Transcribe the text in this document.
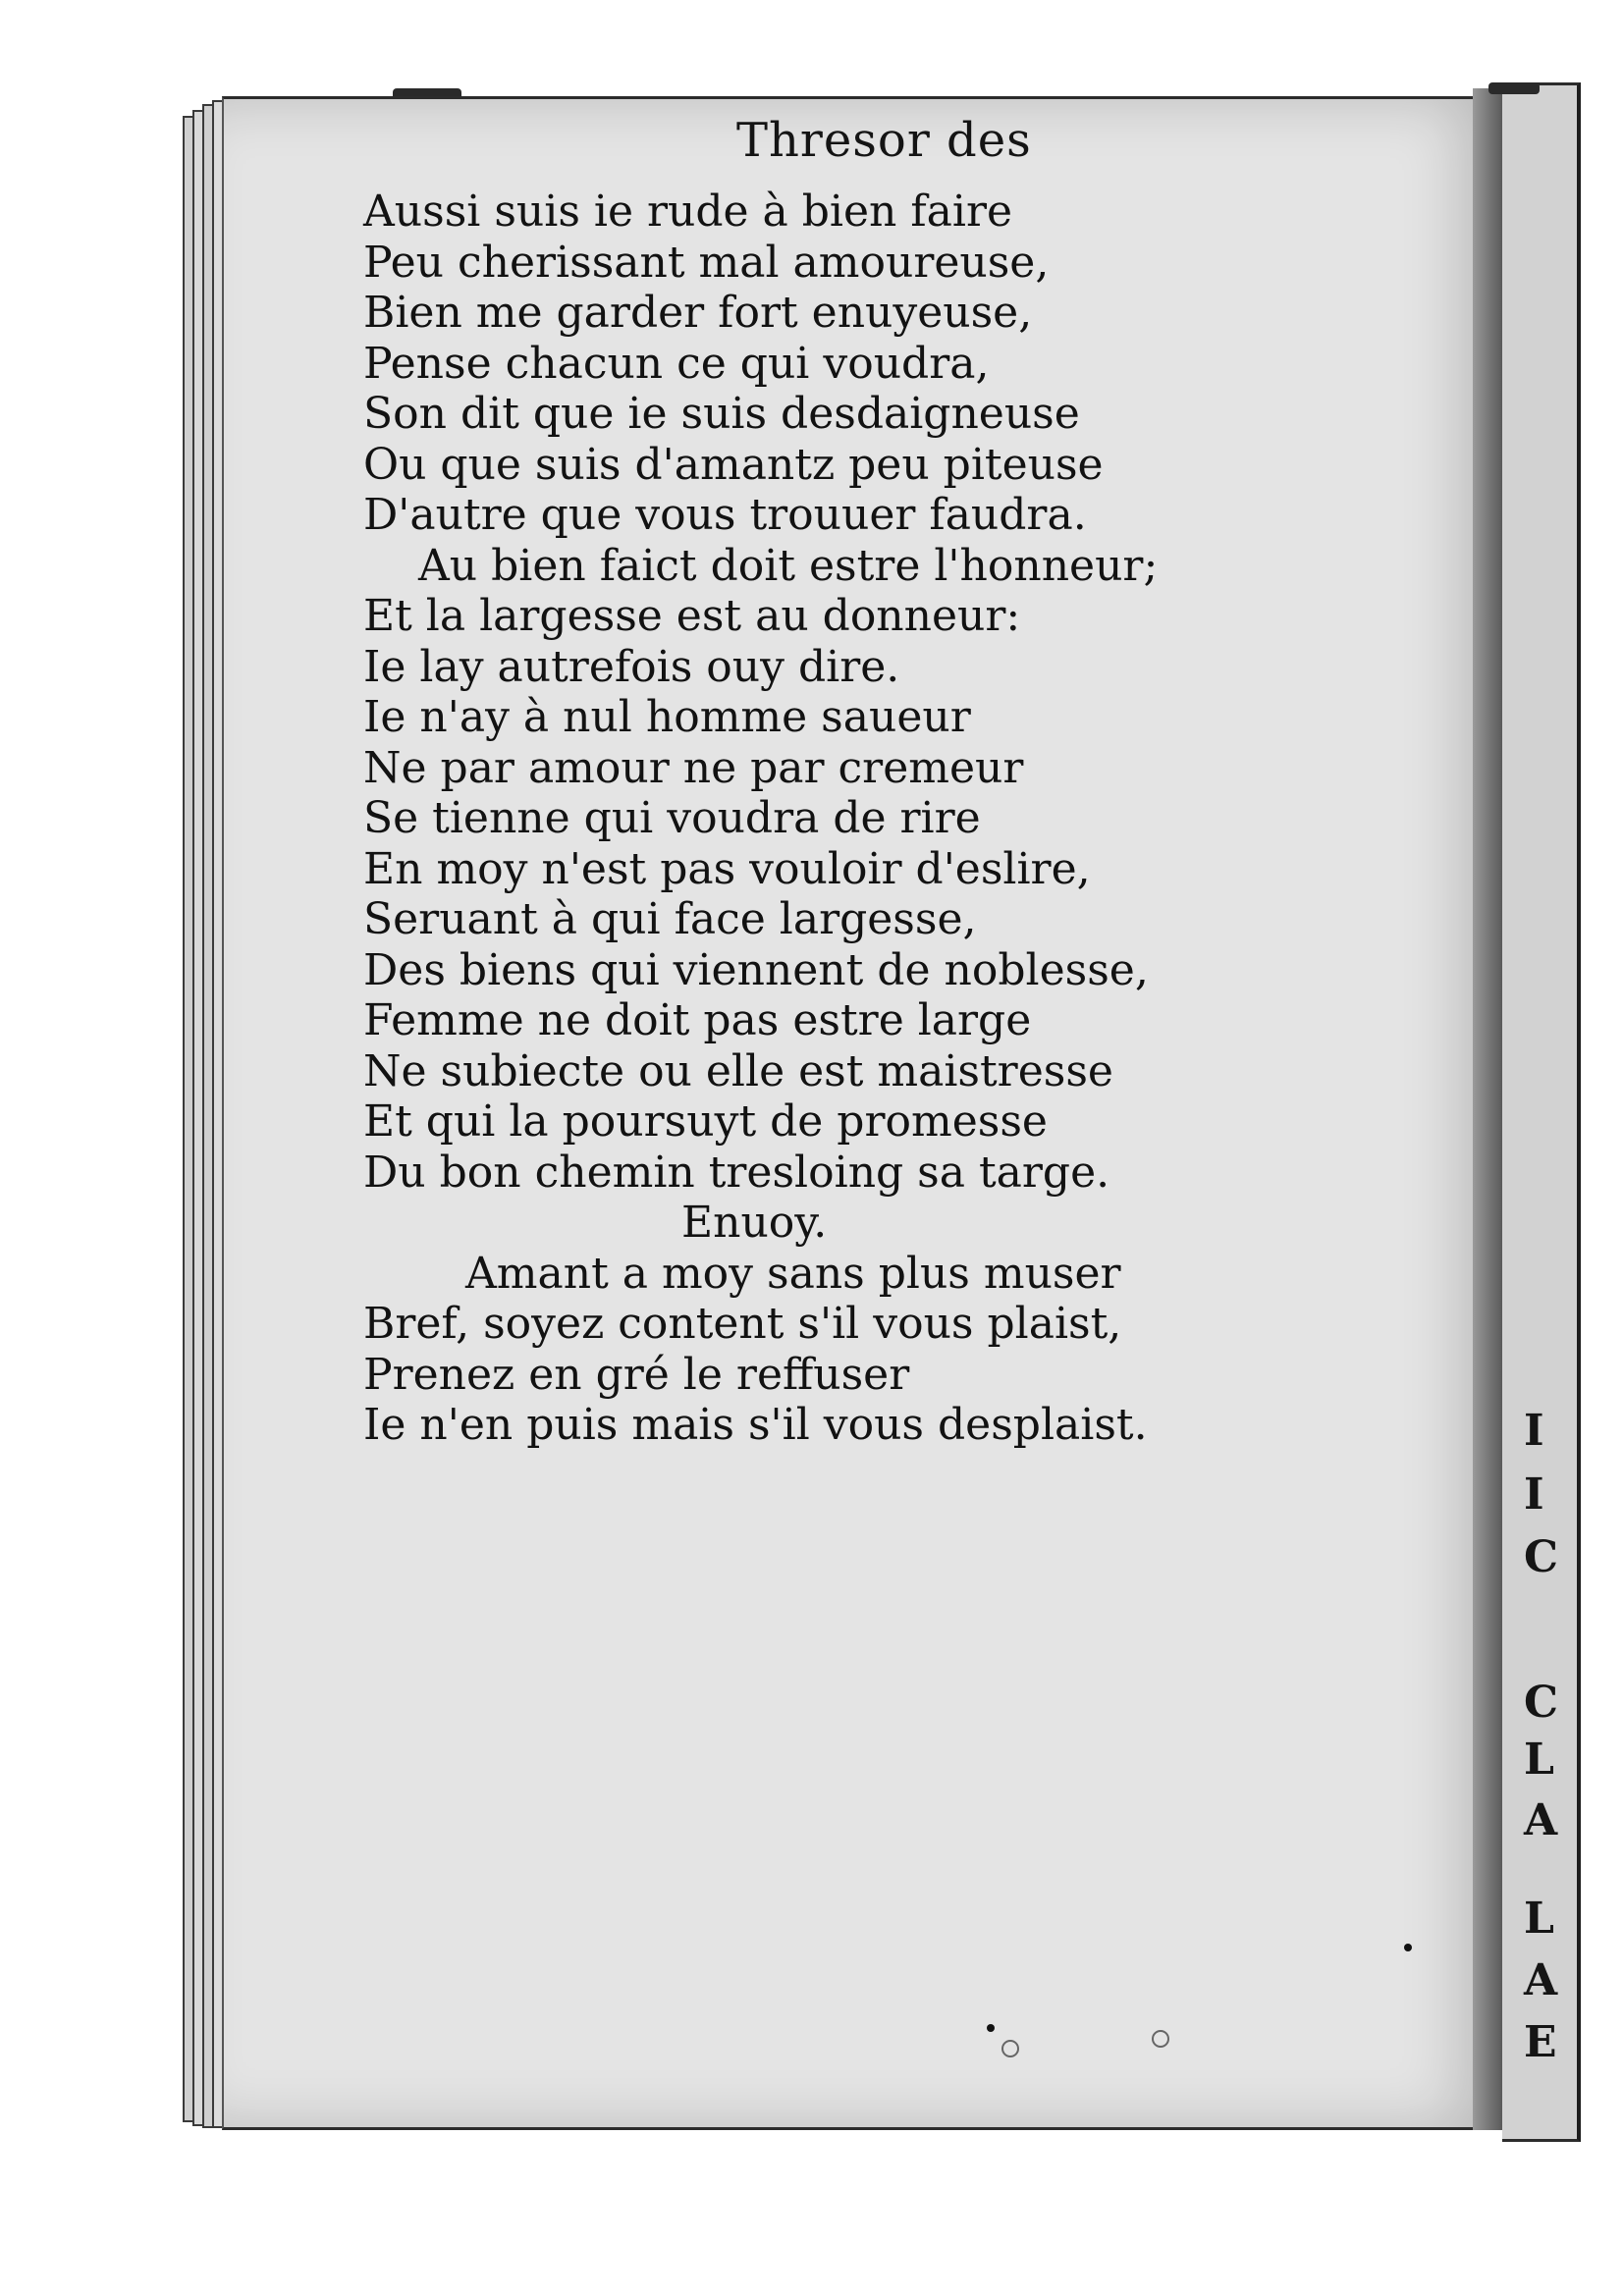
Thresor des
Aussi suis ie rude à bien faire
Peu cherissant mal amoureuse,
Bien me garder fort enuyeuse,
Pense chacun ce qui voudra,
Son dit que ie suis desdaigneuse
Ou que suis d'amantz peu piteuse
D'autre que vous trouuer faudra.
Au bien faict doit estre l'honneur;
Et la largesse est au donneur:
Ie lay autrefois ouy dire.
Ie n'ay à nul homme saueur
Ne par amour ne par cremeur
Se tienne qui voudra de rire
En moy n'est pas vouloir d'eslire,
Seruant à qui face largesse,
Des biens qui viennent de noblesse,
Femme ne doit pas estre large
Ne subiecte ou elle est maistresse
Et qui la poursuyt de promesse
Du bon chemin tresloing sa targe.
Enuoy.
Amant a moy sans plus muser
Bref, soyez content s'il vous plaist,
Prenez en gré le reffuser
Ie n'en puis mais s'il vous desplaist.	I
I
C
C
L
A
L
A
E
